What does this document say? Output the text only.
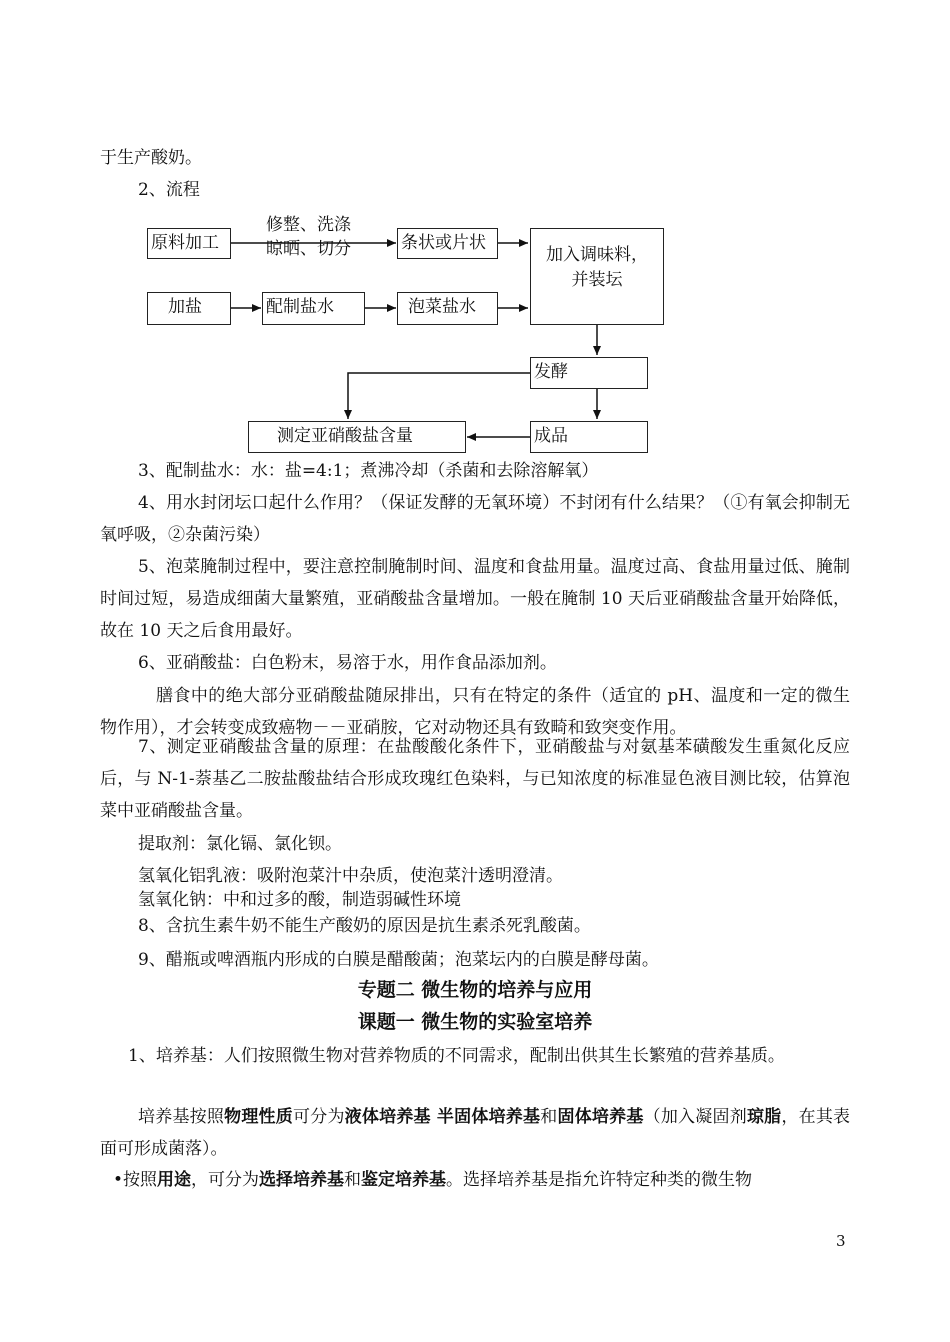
于生产酸奶。

2、流程

原料加工
修整、洗涤
晾晒、切分	条状或片状
加入调味料，
并装坛
加盐	配制盐水	泡菜盐水
发酵
成品
测定亚硝酸盐含量

3、配制盐水：水：盐=4:1；煮沸冷却（杀菌和去除溶解氧）

4、用水封闭坛口起什么作用？（保证发酵的无氧环境）不封闭有什么结果？（①有氧会抑制无氧呼吸，②杂菌污染）

5、泡菜腌制过程中，要注意控制腌制时间、温度和食盐用量。温度过高、食盐用量过低、腌制时间过短，易造成细菌大量繁殖，亚硝酸盐含量增加。一般在腌制 10 天后亚硝酸盐含量开始降低，故在 10 天之后食用最好。

6、亚硝酸盐：白色粉末，易溶于水，用作食品添加剂。

膳食中的绝大部分亚硝酸盐随尿排出，只有在特定的条件（适宜的 pH、温度和一定的微生物作用），才会转变成致癌物－－亚硝胺，它对动物还具有致畸和致突变作用。

7、测定亚硝酸盐含量的原理：在盐酸酸化条件下，亚硝酸盐与对氨基苯磺酸发生重氮化反应后，与 N-1-萘基乙二胺盐酸盐结合形成玫瑰红色染料，与已知浓度的标准显色液目测比较，估算泡菜中亚硝酸盐含量。

提取剂：氯化镉、氯化钡。

氢氧化铝乳液：吸附泡菜汁中杂质，使泡菜汁透明澄清。

氢氧化钠：中和过多的酸，制造弱碱性环境

8、含抗生素牛奶不能生产酸奶的原因是抗生素杀死乳酸菌。

9、醋瓶或啤酒瓶内形成的白膜是醋酸菌；泡菜坛内的白膜是酵母菌。

专题二 微生物的培养与应用
课题一 微生物的实验室培养

1、培养基：人们按照微生物对营养物质的不同需求，配制出供其生长繁殖的营养基质。

培养基按照物理性质可分为液体培养基 半固体培养基和固体培养基（加入凝固剂琼脂，在其表面可形成菌落）。

•按照用途，可分为选择培养基和鉴定培养基。选择培养基是指允许特定种类的微生物

3
